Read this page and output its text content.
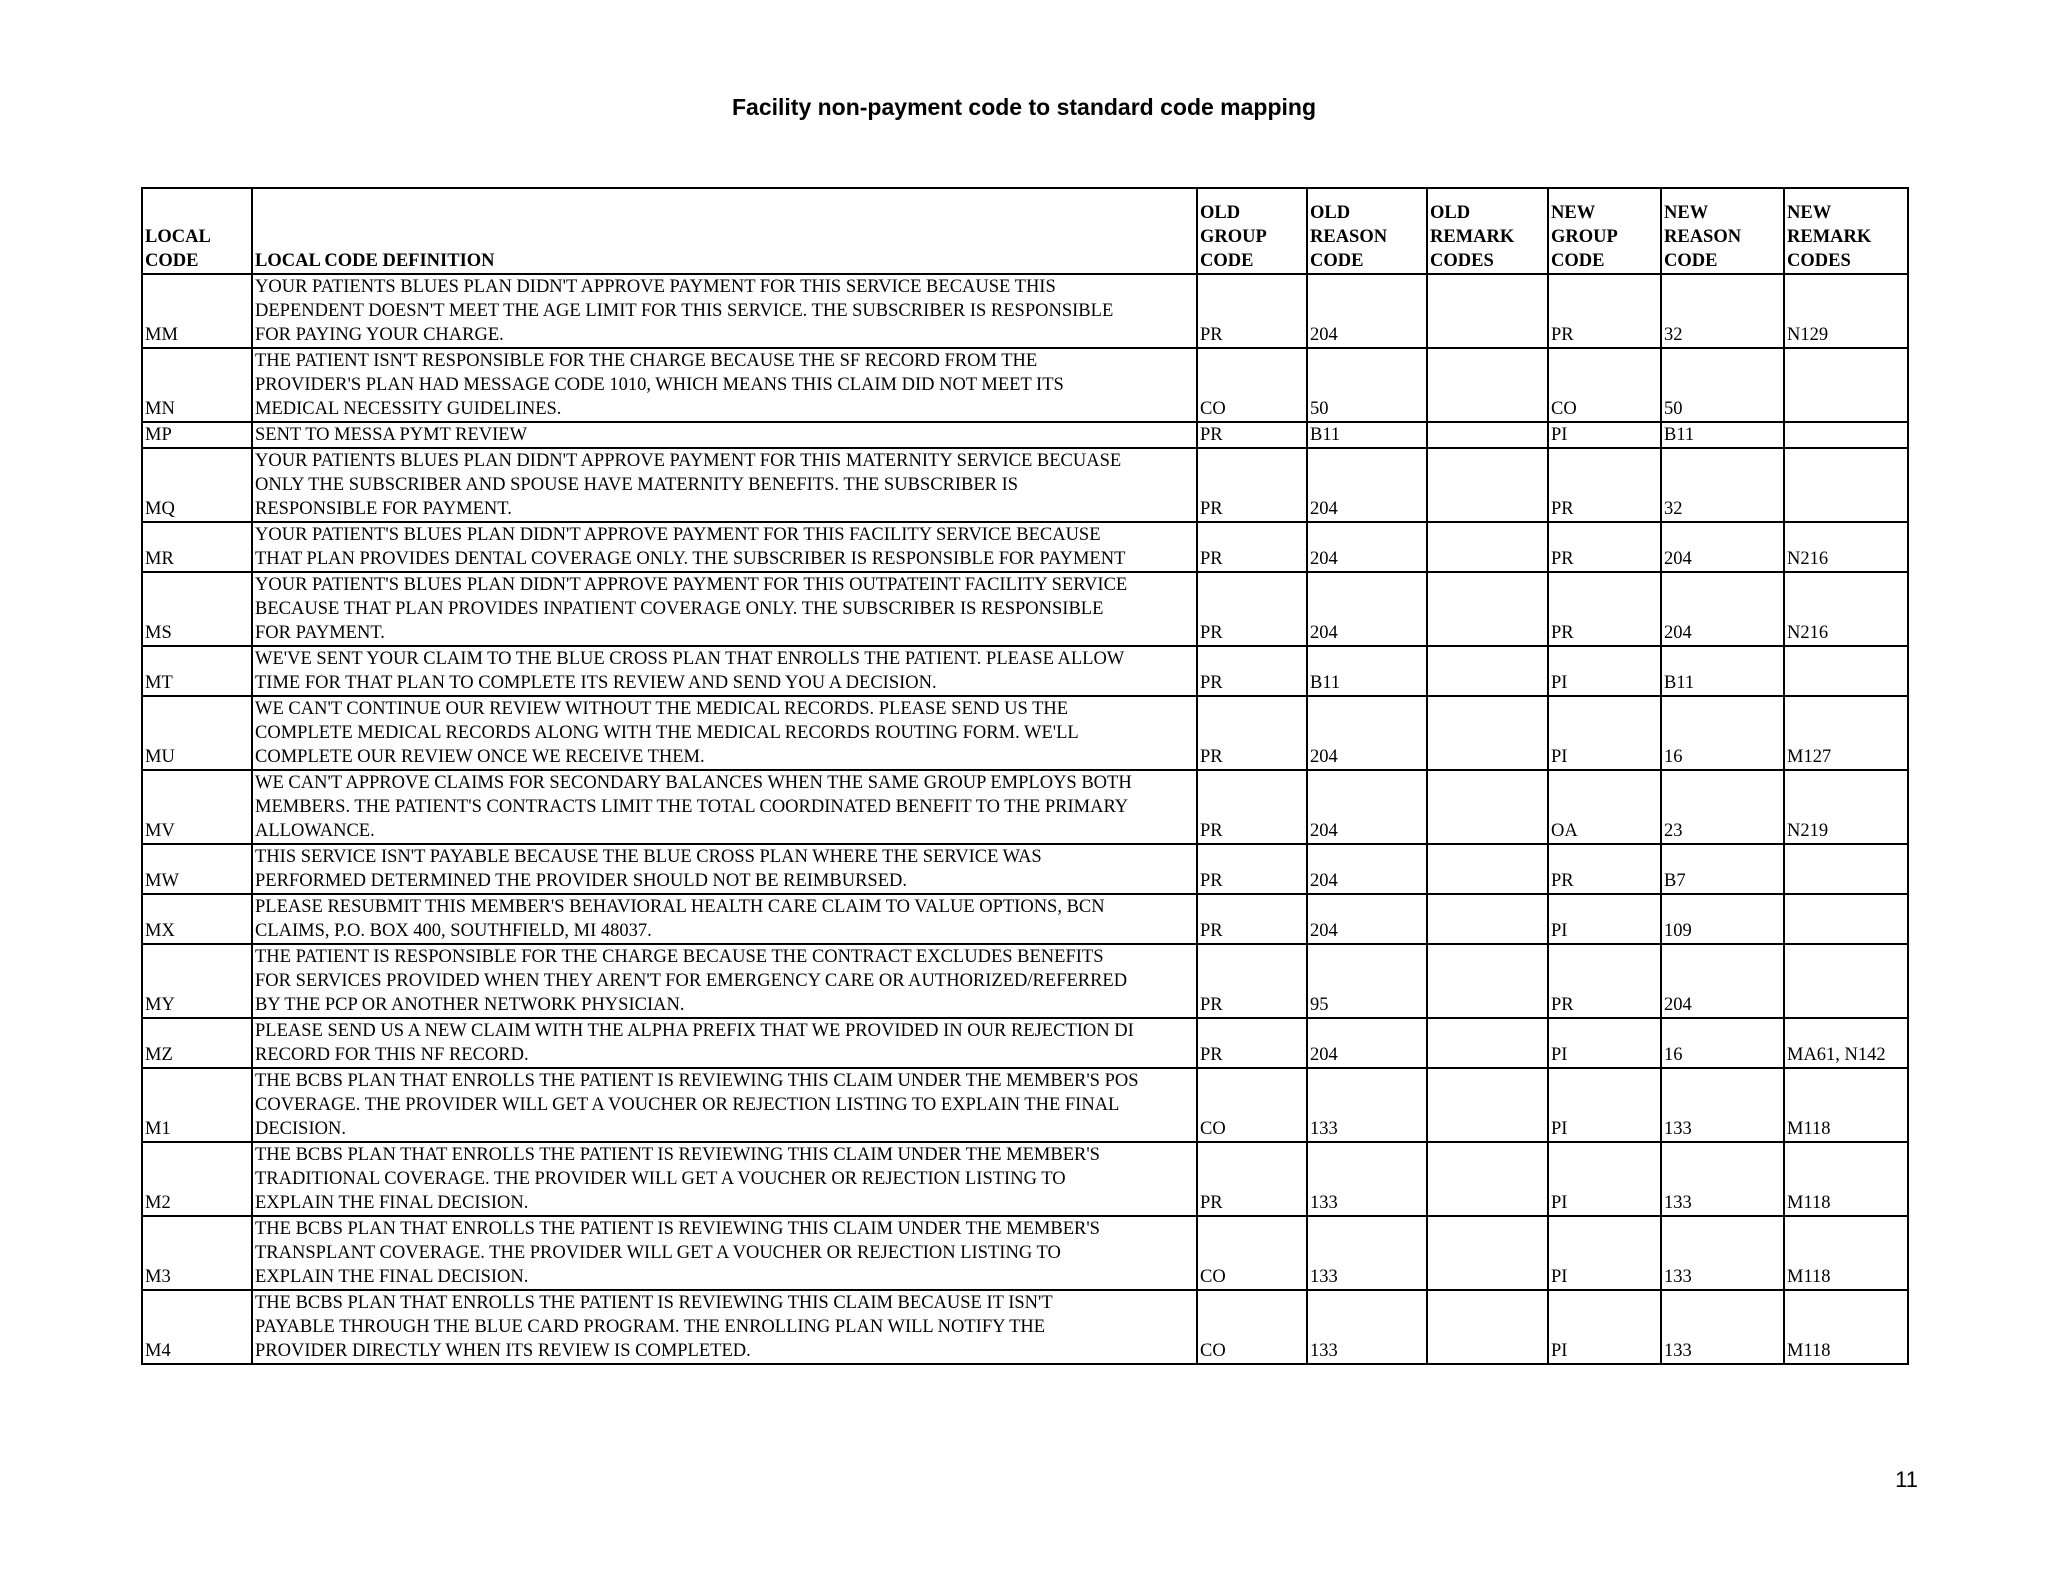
Facility non-payment code to standard code mapping
LOCAL CODE	LOCAL CODE DEFINITION	OLD GROUP CODE	OLD REASON CODE	OLD REMARK CODES	NEW GROUP CODE	NEW REASON CODE	NEW REMARK CODES
MM	YOUR PATIENTS BLUES PLAN DIDN'T APPROVE PAYMENT FOR THIS SERVICE BECAUSE THIS
DEPENDENT DOESN'T MEET THE AGE LIMIT FOR THIS SERVICE. THE SUBSCRIBER IS RESPONSIBLE
FOR PAYING YOUR CHARGE.	PR	204		PR	32	N129
MN	THE PATIENT ISN'T RESPONSIBLE FOR THE CHARGE BECAUSE THE SF RECORD FROM THE
PROVIDER'S PLAN HAD MESSAGE CODE 1010, WHICH MEANS THIS CLAIM DID NOT MEET ITS
MEDICAL NECESSITY GUIDELINES.	CO	50		CO	50	
MP	SENT TO MESSA PYMT REVIEW	PR	B11		PI	B11	
MQ	YOUR PATIENTS BLUES PLAN DIDN'T APPROVE PAYMENT FOR THIS MATERNITY SERVICE BECUASE
ONLY THE SUBSCRIBER AND SPOUSE HAVE MATERNITY BENEFITS. THE SUBSCRIBER IS
RESPONSIBLE FOR PAYMENT.	PR	204		PR	32	
MR	YOUR PATIENT'S BLUES PLAN DIDN'T APPROVE PAYMENT FOR THIS FACILITY SERVICE BECAUSE
THAT PLAN PROVIDES DENTAL COVERAGE ONLY. THE SUBSCRIBER IS RESPONSIBLE FOR PAYMENT	PR	204		PR	204	N216
MS	YOUR PATIENT'S BLUES PLAN DIDN'T APPROVE PAYMENT FOR THIS OUTPATEINT FACILITY SERVICE
BECAUSE THAT PLAN PROVIDES INPATIENT COVERAGE ONLY. THE SUBSCRIBER IS RESPONSIBLE
FOR PAYMENT.	PR	204		PR	204	N216
MT	WE'VE SENT YOUR CLAIM TO THE BLUE CROSS PLAN THAT ENROLLS THE PATIENT. PLEASE ALLOW
TIME FOR THAT PLAN TO COMPLETE ITS REVIEW AND SEND YOU A DECISION.	PR	B11		PI	B11	
MU	WE CAN'T CONTINUE OUR REVIEW WITHOUT THE MEDICAL RECORDS. PLEASE SEND US THE
COMPLETE MEDICAL RECORDS ALONG WITH THE MEDICAL RECORDS ROUTING FORM. WE'LL
COMPLETE OUR REVIEW ONCE WE RECEIVE THEM.	PR	204		PI	16	M127
MV	WE CAN'T APPROVE CLAIMS FOR SECONDARY BALANCES WHEN THE SAME GROUP EMPLOYS BOTH
MEMBERS. THE PATIENT'S CONTRACTS LIMIT THE TOTAL COORDINATED BENEFIT TO THE PRIMARY
ALLOWANCE.	PR	204		OA	23	N219
MW	THIS SERVICE ISN'T PAYABLE BECAUSE THE BLUE CROSS PLAN WHERE THE SERVICE WAS
PERFORMED DETERMINED THE PROVIDER SHOULD NOT BE REIMBURSED.	PR	204		PR	B7	
MX	PLEASE RESUBMIT THIS MEMBER'S BEHAVIORAL HEALTH CARE CLAIM TO VALUE OPTIONS, BCN
CLAIMS, P.O. BOX 400, SOUTHFIELD, MI 48037.	PR	204		PI	109	
MY	THE PATIENT IS RESPONSIBLE FOR THE CHARGE BECAUSE THE CONTRACT EXCLUDES BENEFITS
FOR SERVICES PROVIDED WHEN THEY AREN'T FOR EMERGENCY CARE OR AUTHORIZED/REFERRED
BY THE PCP OR ANOTHER NETWORK PHYSICIAN.	PR	95		PR	204	
MZ	PLEASE SEND US A NEW CLAIM WITH THE ALPHA PREFIX THAT WE PROVIDED IN OUR REJECTION DI
RECORD FOR THIS NF RECORD.	PR	204		PI	16	MA61, N142
M1	THE BCBS PLAN THAT ENROLLS THE PATIENT IS REVIEWING THIS CLAIM UNDER THE MEMBER'S POS
COVERAGE. THE PROVIDER WILL GET A VOUCHER OR REJECTION LISTING TO EXPLAIN THE FINAL
DECISION.	CO	133		PI	133	M118
M2	THE BCBS PLAN THAT ENROLLS THE PATIENT IS REVIEWING THIS CLAIM UNDER THE MEMBER'S
TRADITIONAL COVERAGE. THE PROVIDER WILL GET A VOUCHER OR REJECTION LISTING TO
EXPLAIN THE FINAL DECISION.	PR	133		PI	133	M118
M3	THE BCBS PLAN THAT ENROLLS THE PATIENT IS REVIEWING THIS CLAIM UNDER THE MEMBER'S
TRANSPLANT COVERAGE. THE PROVIDER WILL GET A VOUCHER OR REJECTION LISTING TO
EXPLAIN THE FINAL DECISION.	CO	133		PI	133	M118
M4	THE BCBS PLAN THAT ENROLLS THE PATIENT IS REVIEWING THIS CLAIM BECAUSE IT ISN'T
PAYABLE THROUGH THE BLUE CARD PROGRAM. THE ENROLLING PLAN WILL NOTIFY THE
PROVIDER DIRECTLY WHEN ITS REVIEW IS COMPLETED.	CO	133		PI	133	M118
11
